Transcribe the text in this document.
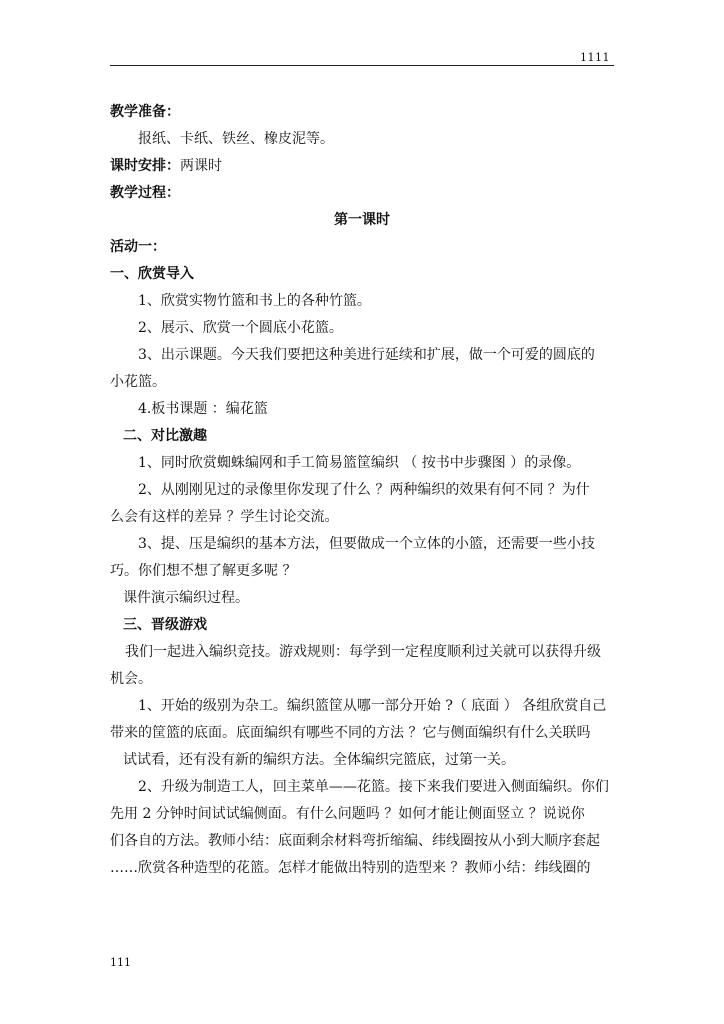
1111
教学准备：
报纸、卡纸、铁丝、橡皮泥等。
课时安排：两课时
教学过程：
第一课时
活动一：
一、欣赏导入
1、欣赏实物竹篮和书上的各种竹篮。
2、展示、欣赏一个圆底小花篮。
3、出示课题。今天我们要把这种美进行延续和扩展，做一个可爱的圆底的
小花篮。
4.板书课题 ：编花篮
二、对比激趣
1、同时欣赏蜘蛛编网和手工简易篮筐编织 （ 按书中步骤图 ）的录像。
2、从刚刚见过的录像里你发现了什么 ？两种编织的效果有何不同 ？为什
么会有这样的差异 ？学生讨论交流。
3、提、压是编织的基本方法，但要做成一个立体的小篮，还需要一些小技
巧。你们想不想了解更多呢 ？
课件演示编织过程。
三、晋级游戏
我们一起进入编织竞技。游戏规则：每学到一定程度顺利过关就可以获得升级
机会。
1、开始的级别为杂工。编织篮筐从哪一部分开始 ?（ 底面 ） 各组欣赏自己
带来的筐篮的底面。底面编织有哪些不同的方法 ？它与侧面编织有什么关联吗
试试看，还有没有新的编织方法。全体编织完篮底，过第一关。
2、升级为制造工人，回主菜单——花篮。接下来我们要进入侧面编织。你们
先用 2 分钟时间试试编侧面。有什么问题吗 ？如何才能让侧面竖立 ？说说你
们各自的方法。教师小结：底面剩余材料弯折缩编、纬线圈按从小到大顺序套起
……欣赏各种造型的花篮。怎样才能做出特别的造型来 ？教师小结：纬线圈的
111
